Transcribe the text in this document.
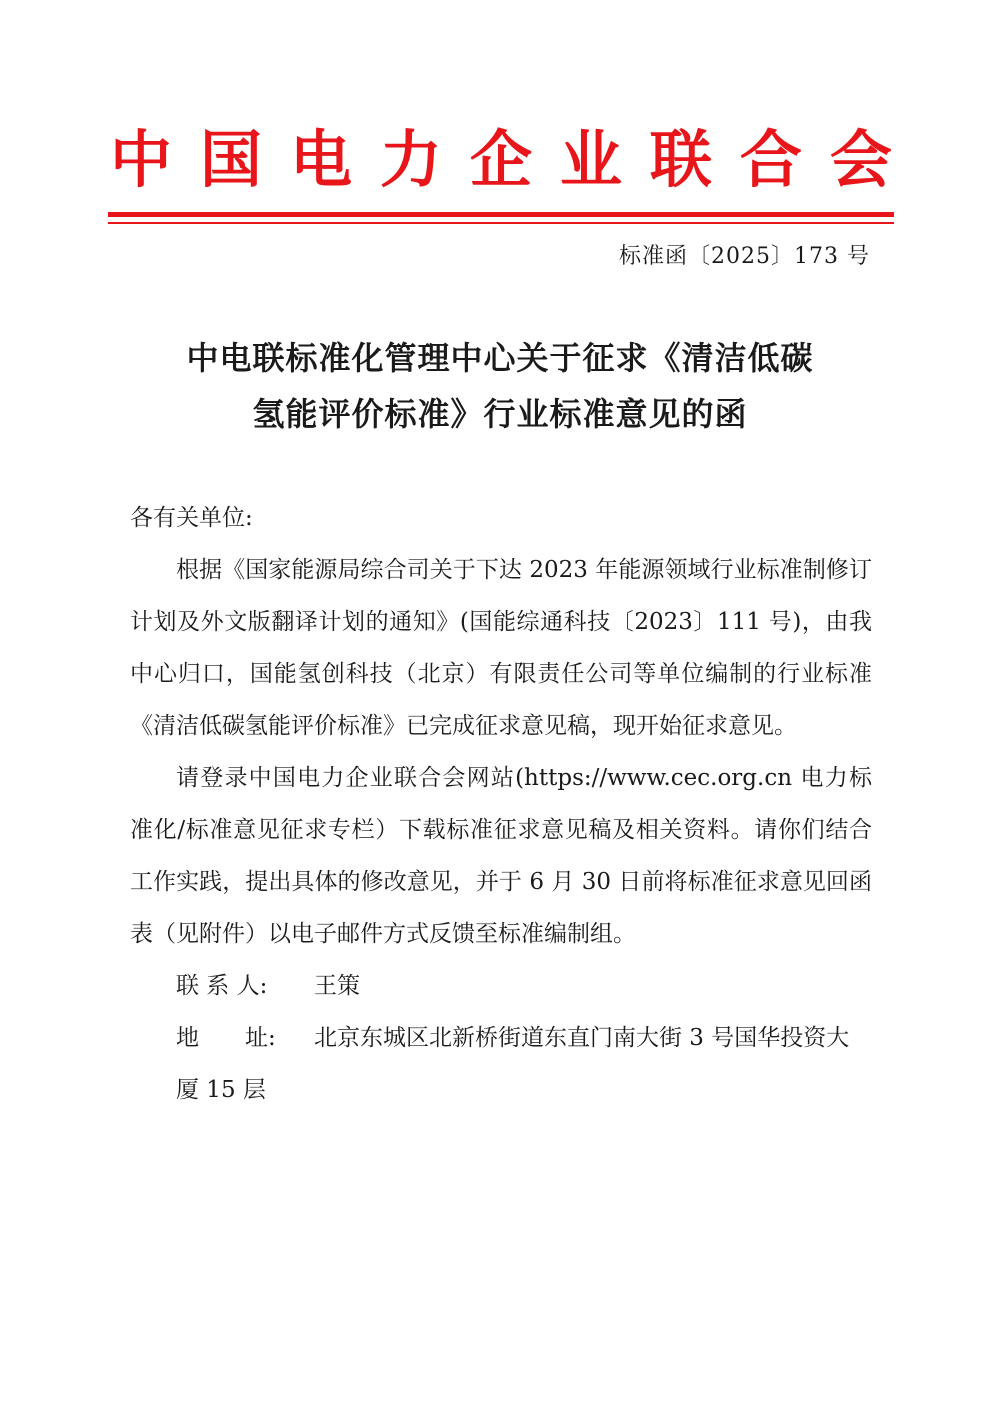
中 国 电 力 企 业 联 合 会
标准函〔2025〕173 号
中电联标准化管理中心关于征求《清洁低碳
氢能评价标准》行业标准意见的函
各有关单位:

根据《国家能源局综合司关于下达 2023 年能源领域行业标准制修订计划及外文版翻译计划的通知》(国能综通科技〔2023〕111 号)，由我中心归口，国能氢创科技（北京）有限责任公司等单位编制的行业标准《清洁低碳氢能评价标准》已完成征求意见稿，现开始征求意见。

请登录中国电力企业联合会网站(https://www.cec.org.cn 电力标准化/标准意见征求专栏）下载标准征求意见稿及相关资料。请你们结合工作实践，提出具体的修改意见，并于 6 月 30 日前将标准征求意见回函表（见附件）以电子邮件方式反馈至标准编制组。

联 系 人: 王策
地　　址: 北京东城区北新桥街道东直门南大街 3 号国华投资大厦 15 层
